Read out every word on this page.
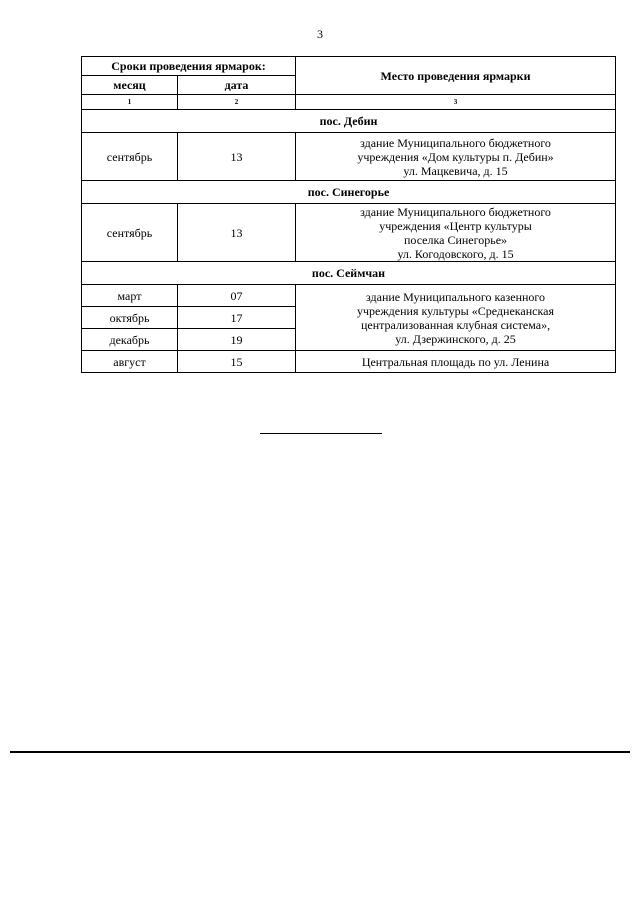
3
Сроки проведения ярмарок:		Место проведения ярмарки
месяц	дата	
1	2	3
пос. Дебин		
сентябрь	13	здание Муниципального бюджетного
учреждения «Дом культуры п. Дебин»
ул. Мацкевича, д. 15

пос. Синегорье		
сентябрь	13	здание Муниципального бюджетного
учреждения «Центр культуры
поселка Синегорье»
ул. Когодовского, д. 15

пос. Сеймчан		
март	07	здание Муниципального казенного
учреждения культуры «Среднеканская
централизованная клубная система»,
ул. Дзержинского, д. 25

октябрь	17	
декабрь	19	
август	15	Центральная площадь по ул. Ленина
